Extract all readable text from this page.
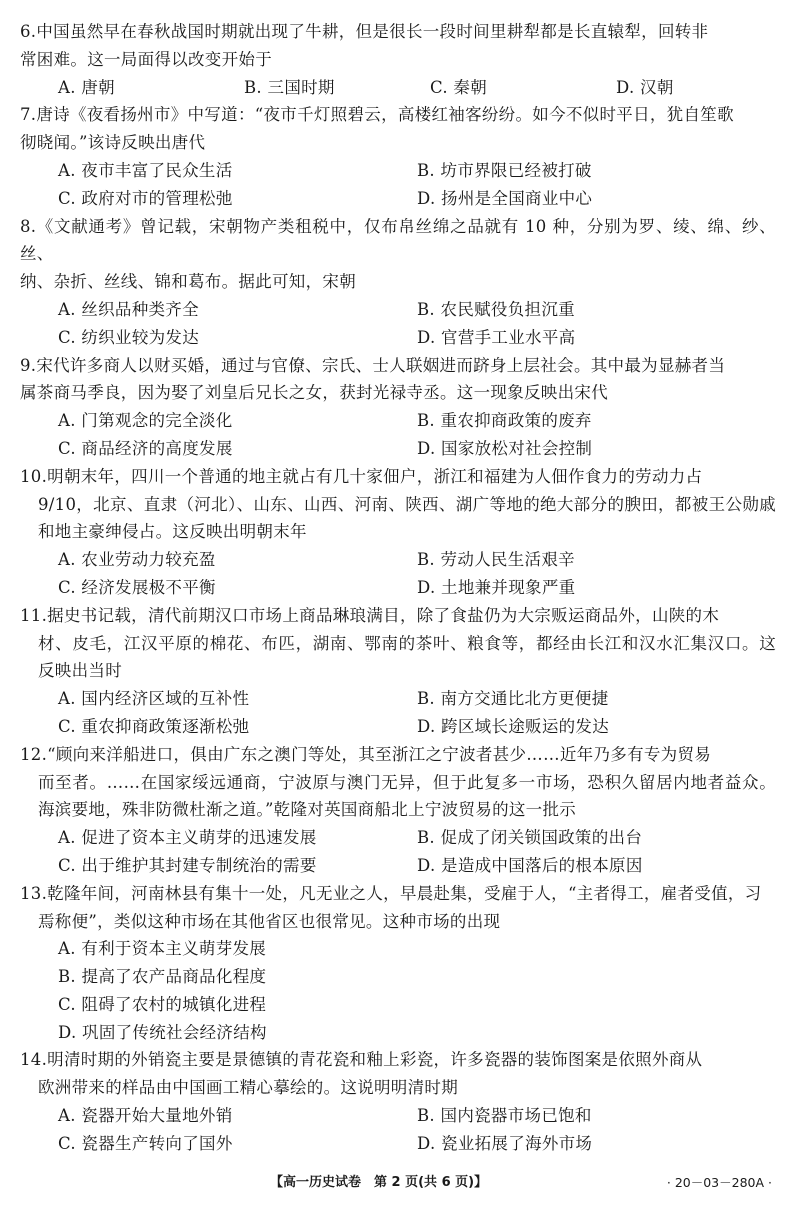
6.中国虽然早在春秋战国时期就出现了牛耕，但是很长一段时间里耕犁都是长直辕犁，回转非
常困难。这一局面得以改变开始于

A. 唐朝	B. 三国时期	C. 秦朝	D. 汉朝

7.唐诗《夜看扬州市》中写道：“夜市千灯照碧云，高楼红袖客纷纷。如今不似时平日，犹自笙歌
彻晓闻。”该诗反映出唐代

A. 夜市丰富了民众生活	B. 坊市界限已经被打破
C. 政府对市的管理松弛	D. 扬州是全国商业中心

8.《文献通考》曾记载，宋朝物产类租税中，仅布帛丝绵之品就有 10 种，分别为罗、绫、绵、纱、丝、
纳、杂折、丝线、锦和葛布。据此可知，宋朝

A. 丝织品种类齐全	B. 农民赋役负担沉重
C. 纺织业较为发达	D. 官营手工业水平高

9.宋代许多商人以财买婚，通过与官僚、宗氏、士人联姻进而跻身上层社会。其中最为显赫者当
属茶商马季良，因为娶了刘皇后兄长之女，获封光禄寺丞。这一现象反映出宋代

A. 门第观念的完全淡化	B. 重农抑商政策的废弃
C. 商品经济的高度发展	D. 国家放松对社会控制

10.明朝末年，四川一个普通的地主就占有几十家佃户，浙江和福建为人佃作食力的劳动力占
9/10，北京、直隶（河北）、山东、山西、河南、陕西、湖广等地的绝大部分的腴田，都被王公勋戚和地主豪绅侵占。这反映出明朝末年

A. 农业劳动力较充盈	B. 劳动人民生活艰辛
C. 经济发展极不平衡	D. 土地兼并现象严重

11.据史书记载，清代前期汉口市场上商品琳琅满目，除了食盐仍为大宗贩运商品外，山陕的木
材、皮毛，江汉平原的棉花、布匹，湖南、鄂南的茶叶、粮食等，都经由长江和汉水汇集汉口。这反映出当时

A. 国内经济区域的互补性	B. 南方交通比北方更便捷
C. 重农抑商政策逐渐松弛	D. 跨区域长途贩运的发达

12.“顾向来洋船进口，俱由广东之澳门等处，其至浙江之宁波者甚少……近年乃多有专为贸易
而至者。……在国家绥远通商，宁波原与澳门无异，但于此复多一市场，恐积久留居内地者益众。海滨要地，殊非防微杜渐之道。”乾隆对英国商船北上宁波贸易的这一批示

A. 促进了资本主义萌芽的迅速发展	B. 促成了闭关锁国政策的出台
C. 出于维护其封建专制统治的需要	D. 是造成中国落后的根本原因

13.乾隆年间，河南林县有集十一处，凡无业之人，早晨赴集，受雇于人，“主者得工，雇者受值，习
焉称便”，类似这种市场在其他省区也很常见。这种市场的出现

A. 有利于资本主义萌芽发展
B. 提高了农产品商品化程度
C. 阻碍了农村的城镇化进程
D. 巩固了传统社会经济结构

14.明清时期的外销瓷主要是景德镇的青花瓷和釉上彩瓷，许多瓷器的装饰图案是依照外商从
欧洲带来的样品由中国画工精心摹绘的。这说明明清时期

A. 瓷器开始大量地外销	B. 国内瓷器市场已饱和
C. 瓷器生产转向了国外	D. 瓷业拓展了海外市场
【高一历史试卷　第 2 页(共 6 页)】	· 20－03－280A ·
